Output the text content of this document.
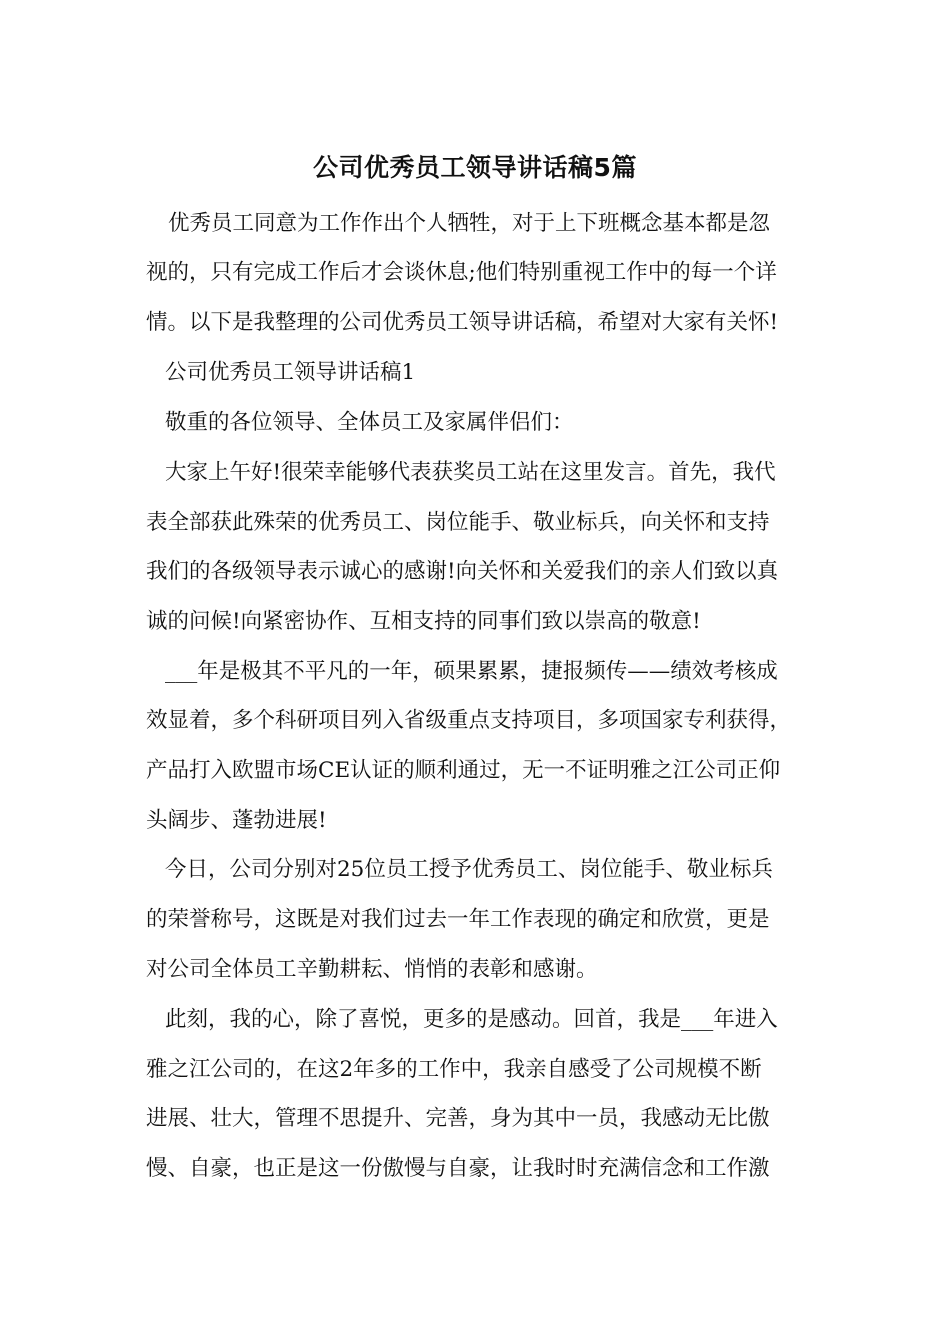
公司优秀员工领导讲话稿5篇
优秀员工同意为工作作出个人牺牲，对于上下班概念基本都是忽
视的，只有完成工作后才会谈休息;他们特别重视工作中的每一个详
情。以下是我整理的公司优秀员工领导讲话稿，希望对大家有关怀!
公司优秀员工领导讲话稿1
敬重的各位领导、全体员工及家属伴侣们：
大家上午好!很荣幸能够代表获奖员工站在这里发言。首先，我代
表全部获此殊荣的优秀员工、岗位能手、敬业标兵，向关怀和支持
我们的各级领导表示诚心的感谢!向关怀和关爱我们的亲人们致以真
诚的问候!向紧密协作、互相支持的同事们致以崇高的敬意!
___年是极其不平凡的一年，硕果累累，捷报频传——绩效考核成
效显着，多个科研项目列入省级重点支持项目，多项国家专利获得，
产品打入欧盟市场CE认证的顺利通过，无一不证明雅之江公司正仰
头阔步、蓬勃进展!
今日，公司分别对25位员工授予优秀员工、岗位能手、敬业标兵
的荣誉称号，这既是对我们过去一年工作表现的确定和欣赏，更是
对公司全体员工辛勤耕耘、悄悄的表彰和感谢。
此刻，我的心，除了喜悦，更多的是感动。回首，我是___年进入
雅之江公司的，在这2年多的工作中，我亲自感受了公司规模不断
进展、壮大，管理不思提升、完善，身为其中一员，我感动无比傲
慢、自豪，也正是这一份傲慢与自豪，让我时时充满信念和工作激
